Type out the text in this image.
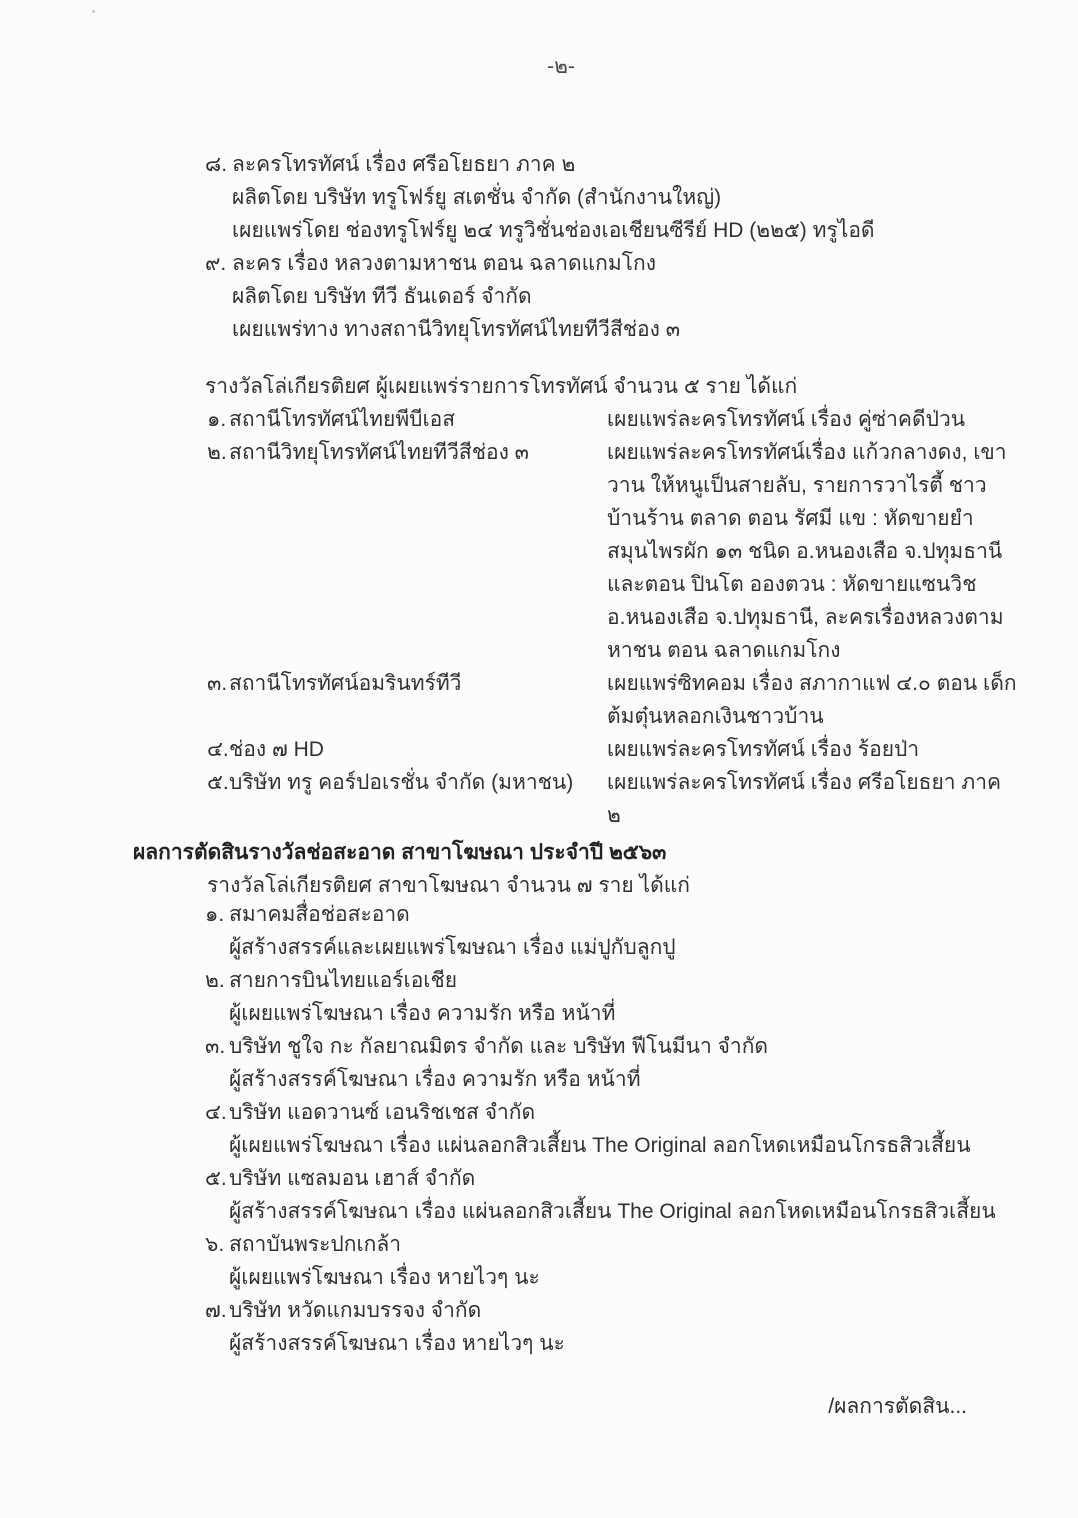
-๒-
๘. ละครโทรทัศน์ เรื่อง ศรีอโยธยา ภาค ๒
ผลิตโดย บริษัท ทรูโฟร์ยู สเตชั่น จำกัด (สำนักงานใหญ่)
เผยแพร่โดย ช่องทรูโฟร์ยู ๒๔ ทรูวิชั่นช่องเอเชียนซีรีย์ HD (๒๒๕) ทรูไอดี
๙. ละคร เรื่อง หลวงตามหาชน ตอน ฉลาดแกมโกง
ผลิตโดย บริษัท ทีวี ธันเดอร์ จำกัด
เผยแพร่ทาง ทางสถานีวิทยุโทรทัศน์ไทยทีวีสีช่อง ๓
รางวัลโล่เกียรติยศ ผู้เผยแพร่รายการโทรทัศน์ จำนวน ๕ ราย ได้แก่
๑. สถานีโทรทัศน์ไทยพีบีเอส	เผยแพร่ละครโทรทัศน์ เรื่อง คู่ซ่าคดีป่วน
๒. สถานีวิทยุโทรทัศน์ไทยทีวีสีช่อง ๓	เผยแพร่ละครโทรทัศน์เรื่อง แก้วกลางดง, เขาวาน ให้หนูเป็นสายลับ, รายการวาไรตี้ ชาวบ้านร้าน ตลาด ตอน รัศมี แข : หัดขายยำสมุนไพรผัก ๑๓ ชนิด อ.หนองเสือ จ.ปทุมธานี และตอน ปินโต อองตวน : หัดขายแซนวิช อ.หนองเสือ จ.ปทุมธานี, ละครเรื่องหลวงตามหาชน ตอน ฉลาดแกมโกง
๓. สถานีโทรทัศน์อมรินทร์ทีวี	เผยแพร่ซิทคอม เรื่อง สภากาแฟ ๔.๐ ตอน เด็กต้มตุ๋นหลอกเงินชาวบ้าน
๔. ช่อง ๗ HD	เผยแพร่ละครโทรทัศน์ เรื่อง ร้อยป่า
๕. บริษัท ทรู คอร์ปอเรชั่น จำกัด (มหาชน) เผยแพร่ละครโทรทัศน์ เรื่อง ศรีอโยธยา ภาค ๒
ผลการตัดสินรางวัลช่อสะอาด สาขาโฆษณา ประจำปี ๒๕๖๓
รางวัลโล่เกียรติยศ สาขาโฆษณา จำนวน ๗ ราย ได้แก่
๑. สมาคมสื่อช่อสะอาด
ผู้สร้างสรรค์และเผยแพร่โฆษณา เรื่อง แม่ปูกับลูกปู
๒. สายการบินไทยแอร์เอเชีย
ผู้เผยแพร่โฆษณา เรื่อง ความรัก หรือ หน้าที่
๓. บริษัท ชูใจ กะ กัลยาณมิตร จำกัด และ บริษัท ฟีโนมีนา จำกัด
ผู้สร้างสรรค์โฆษณา เรื่อง ความรัก หรือ หน้าที่
๔. บริษัท แอดวานซ์ เอนริชเชส จำกัด
ผู้เผยแพร่โฆษณา เรื่อง แผ่นลอกสิวเสี้ยน The Original ลอกโหดเหมือนโกรธสิวเสี้ยน
๕. บริษัท แซลมอน เฮาส์ จำกัด
ผู้สร้างสรรค์โฆษณา เรื่อง แผ่นลอกสิวเสี้ยน The Original ลอกโหดเหมือนโกรธสิวเสี้ยน
๖. สถาบันพระปกเกล้า
ผู้เผยแพร่โฆษณา เรื่อง หายไวๆ นะ
๗. บริษัท หวัดแกมบรรจง จำกัด
ผู้สร้างสรรค์โฆษณา เรื่อง หายไวๆ นะ
/ผลการตัดสิน...
